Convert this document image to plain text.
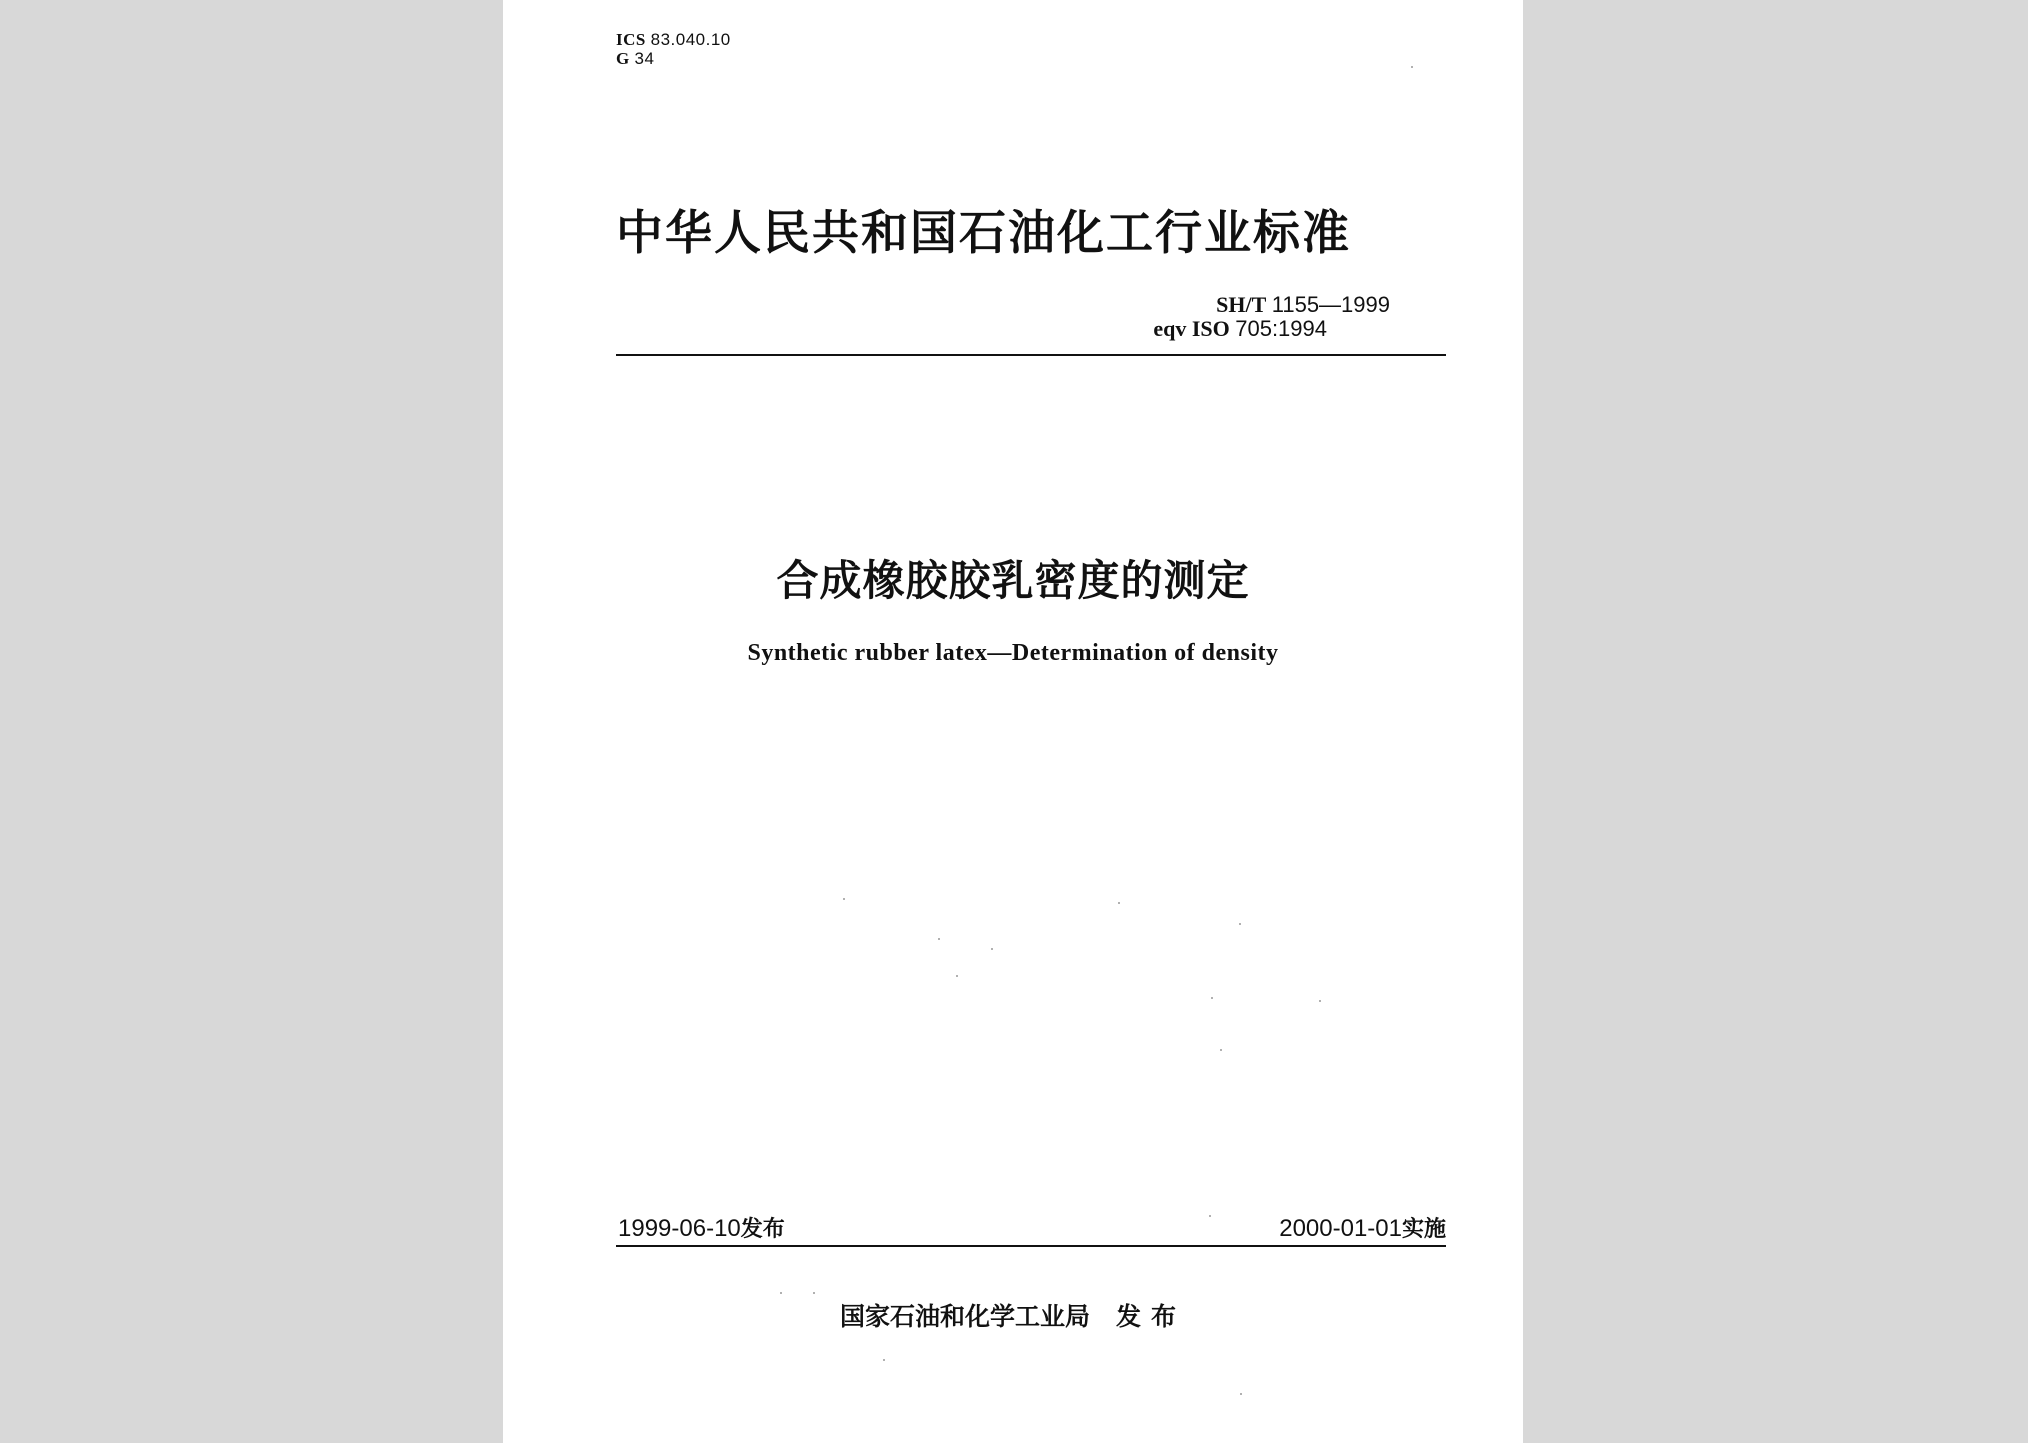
ICS 83.040.10
G 34
中华人民共和国石油化工行业标准
SH/T 1155—1999
eqv ISO 705:1994
合成橡胶胶乳密度的测定
Synthetic rubber latex—Determination of density
1999-06-10发布	2000-01-01实施
国家石油和化学工业局 发布
